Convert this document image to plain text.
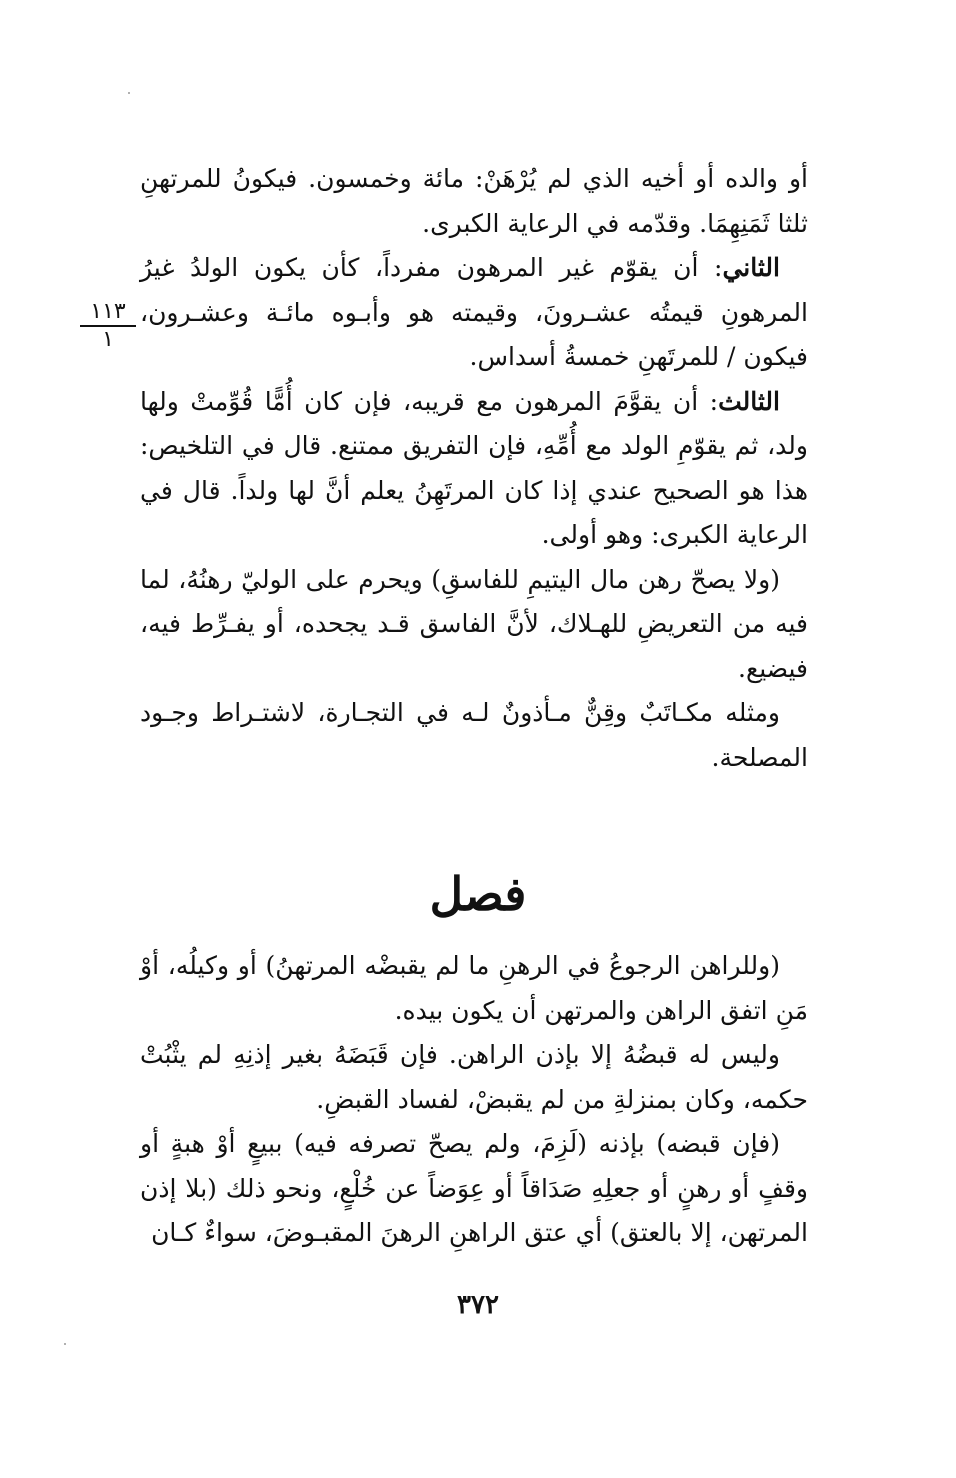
أو والده أو أخيه الذي لم يُرْهَنْ: مائة وخمسون. فيكونُ للمرتهنِ ثلثا ثَمَنِهِمَا. وقدّمه في الرعاية الكبرى.

الثاني: أن يقوّم غير المرهون مفرداً، كأن يكون الولدُ غيرُ المرهونِ قيمتُه عشـرونَ، وقيمته هو وأبـوه مائـة وعشـرون، فيكون / للمرتَهنِ خمسةُ أسداس.

الثالث: أن يقوَّمَ المرهون مع قريبه، فإن كان أُمًّا قُوِّمتْ ولها ولد، ثم يقوّمِ الولد مع أُمِّهِ، فإن التفريق ممتنع. قال في التلخيص: هذا هو الصحيح عندي إذا كان المرتَهِنُ يعلم أنَّ لها ولداً. قال في الرعاية الكبرى: وهو أولى.

(ولا يصحّ رهن مال اليتيمِ للفاسقِ) ويحرم على الوليّ رهنُهُ، لما فيه من التعريضِ للهـلاك، لأنَّ الفاسق قـد يجحده، أو يفـرِّط فيه، فيضيع.

ومثله مكـاتَبٌ وقِنٌّ مـأذونٌ لـه في التجـارة، لاشتـراط وجـود المصلحة.

١١٣
١
فصل

(وللراهن الرجوعُ في الرهنِ ما لم يقبضْه المرتهنُ) أو وكيلُه، أوْ مَنِ اتفق الراهن والمرتهن أن يكون بيده.

وليس له قبضُهُ إلا بإذن الراهن. فإن قَبَضَهُ بغير إذنِهِ لم يثْبُتْ حكمه، وكان بمنزلةِ من لم يقبضْ، لفساد القبضِ.

(فإن قبضه) بإذنه (لَزِمَ، ولم يصحّ تصرفه فيه) ببيعٍ أوْ هبةٍ أو وقفٍ أو رهنٍ أو جعلِهِ صَدَاقاً أو عِوَضاً عن خُلْعٍ، ونحو ذلك (بلا إذن المرتهن، إلا بالعتق) أي عتق الراهنِ الرهنَ المقبـوضَ، سواءٌ كـان

٣٧٢
